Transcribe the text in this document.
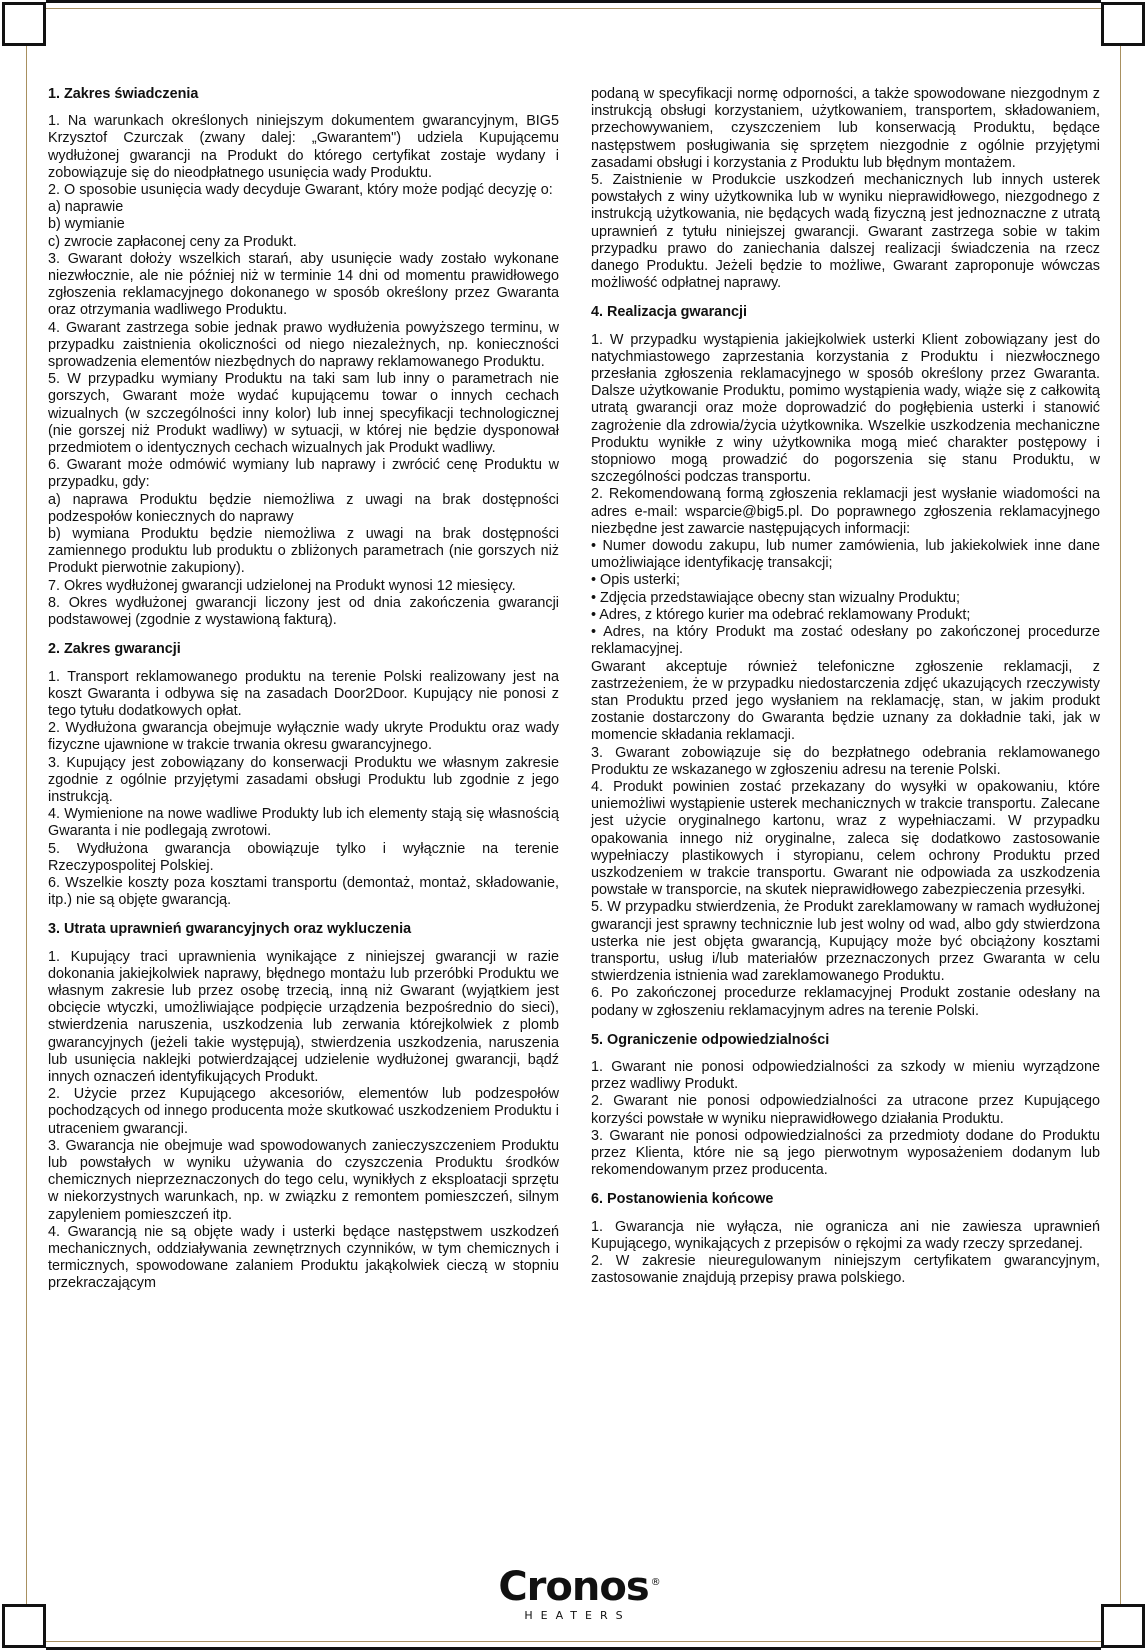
1. Zakres świadczenia

1. Na warunkach określonych niniejszym dokumentem gwarancyjnym, BIG5 Krzysztof Czurczak (zwany dalej: „Gwarantem") udziela Kupującemu wydłużonej gwarancji na Produkt do którego certyfikat zostaje wydany i zobowiązuje się do nieodpłatnego usunięcia wady Produktu.

2. O sposobie usunięcia wady decyduje Gwarant, który może podjąć decyzję o:

a) naprawie

b) wymianie

c) zwrocie zapłaconej ceny za Produkt.

3. Gwarant dołoży wszelkich starań, aby usunięcie wady zostało wykonane niezwłocznie, ale nie później niż w terminie 14 dni od momentu prawidłowego zgłoszenia reklamacyjnego dokonanego w sposób określony przez Gwaranta oraz otrzymania wadliwego Produktu.

4. Gwarant zastrzega sobie jednak prawo wydłużenia powyższego terminu, w przypadku zaistnienia okoliczności od niego niezależnych, np. konieczności sprowadzenia elementów niezbędnych do naprawy reklamowanego Produktu.

5. W przypadku wymiany Produktu na taki sam lub inny o parametrach nie gorszych, Gwarant może wydać kupującemu towar o innych cechach wizualnych (w szczególności inny kolor) lub innej specyfikacji technologicznej (nie gorszej niż Produkt wadliwy) w sytuacji, w której nie będzie dysponował przedmiotem o identycznych cechach wizualnych jak Produkt wadliwy.

6. Gwarant może odmówić wymiany lub naprawy i zwrócić cenę Produktu w przypadku, gdy:

a) naprawa Produktu będzie niemożliwa z uwagi na brak dostępności podzespołów koniecznych do naprawy

b) wymiana Produktu będzie niemożliwa z uwagi na brak dostępności zamiennego produktu lub produktu o zbliżonych parametrach (nie gorszych niż Produkt pierwotnie zakupiony).

7. Okres wydłużonej gwarancji udzielonej na Produkt wynosi 12 miesięcy.

8. Okres wydłużonej gwarancji liczony jest od dnia zakończenia gwarancji podstawowej (zgodnie z wystawioną fakturą).

2. Zakres gwarancji

1. Transport reklamowanego produktu na terenie Polski realizowany jest na koszt Gwaranta i odbywa się na zasadach Door2Door. Kupujący nie ponosi z tego tytułu dodatkowych opłat.

2. Wydłużona gwarancja obejmuje wyłącznie wady ukryte Produktu oraz wady fizyczne ujawnione w trakcie trwania okresu gwarancyjnego.

3. Kupujący jest zobowiązany do konserwacji Produktu we własnym zakresie zgodnie z ogólnie przyjętymi zasadami obsługi Produktu lub zgodnie z jego instrukcją.

4. Wymienione na nowe wadliwe Produkty lub ich elementy stają się własnością Gwaranta i nie podlegają zwrotowi.

5. Wydłużona gwarancja obowiązuje tylko i wyłącznie na terenie Rzeczypospolitej Polskiej.

6. Wszelkie koszty poza kosztami transportu (demontaż, montaż, składowanie, itp.) nie są objęte gwarancją.

3. Utrata uprawnień gwarancyjnych oraz wykluczenia

1. Kupujący traci uprawnienia wynikające z niniejszej gwarancji w razie dokonania jakiejkolwiek naprawy, błędnego montażu lub przeróbki Produktu we własnym zakresie lub przez osobę trzecią, inną niż Gwarant (wyjątkiem jest obcięcie wtyczki, umożliwiające podpięcie urządzenia bezpośrednio do sieci), stwierdzenia naruszenia, uszkodzenia lub zerwania którejkolwiek z plomb gwarancyjnych (jeżeli takie występują), stwierdzenia uszkodzenia, naruszenia lub usunięcia naklejki potwierdzającej udzielenie wydłużonej gwarancji, bądź innych oznaczeń identyfikujących Produkt.

2. Użycie przez Kupującego akcesoriów, elementów lub podzespołów pochodzących od innego producenta może skutkować uszkodzeniem Produktu i utraceniem gwarancji.

3. Gwarancja nie obejmuje wad spowodowanych zanieczyszczeniem Produktu lub powstałych w wyniku używania do czyszczenia Produktu środków chemicznych nieprzeznaczonych do tego celu, wynikłych z eksploatacji sprzętu w niekorzystnych warunkach, np. w związku z remontem pomieszczeń, silnym zapyleniem pomieszczeń itp.

4. Gwarancją nie są objęte wady i usterki będące następstwem uszkodzeń mechanicznych, oddziaływania zewnętrznych czynników, w tym chemicznych i termicznych, spowodowane zalaniem Produktu jakąkolwiek cieczą w stopniu przekraczającym

podaną w specyfikacji normę odporności, a także spowodowane niezgodnym z instrukcją obsługi korzystaniem, użytkowaniem, transportem, składowaniem, przechowywaniem, czyszczeniem lub konserwacją Produktu, będące następstwem posługiwania się sprzętem niezgodnie z ogólnie przyjętymi zasadami obsługi i korzystania z Produktu lub błędnym montażem.

5. Zaistnienie w Produkcie uszkodzeń mechanicznych lub innych usterek powstałych z winy użytkownika lub w wyniku nieprawidłowego, niezgodnego z instrukcją użytkowania, nie będących wadą fizyczną jest jednoznaczne z utratą uprawnień z tytułu niniejszej gwarancji. Gwarant zastrzega sobie w takim przypadku prawo do zaniechania dalszej realizacji świadczenia na rzecz danego Produktu. Jeżeli będzie to możliwe, Gwarant zaproponuje wówczas możliwość odpłatnej naprawy.

4. Realizacja gwarancji

1. W przypadku wystąpienia jakiejkolwiek usterki Klient zobowiązany jest do natychmiastowego zaprzestania korzystania z Produktu i niezwłocznego przesłania zgłoszenia reklamacyjnego w sposób określony przez Gwaranta. Dalsze użytkowanie Produktu, pomimo wystąpienia wady, wiąże się z całkowitą utratą gwarancji oraz może doprowadzić do pogłębienia usterki i stanowić zagrożenie dla zdrowia/życia użytkownika. Wszelkie uszkodzenia mechaniczne Produktu wynikłe z winy użytkownika mogą mieć charakter postępowy i stopniowo mogą prowadzić do pogorszenia się stanu Produktu, w szczególności podczas transportu.

2. Rekomendowaną formą zgłoszenia reklamacji jest wysłanie wiadomości na adres e-mail: wsparcie@big5.pl. Do poprawnego zgłoszenia reklamacyjnego niezbędne jest zawarcie następujących informacji:

• Numer dowodu zakupu, lub numer zamówienia, lub jakiekolwiek inne dane umożliwiające identyfikację transakcji;

• Opis usterki;

• Zdjęcia przedstawiające obecny stan wizualny Produktu;

• Adres, z którego kurier ma odebrać reklamowany Produkt;

• Adres, na który Produkt ma zostać odesłany po zakończonej procedurze reklamacyjnej.

Gwarant akceptuje również telefoniczne zgłoszenie reklamacji, z zastrzeżeniem, że w przypadku niedostarczenia zdjęć ukazujących rzeczywisty stan Produktu przed jego wysłaniem na reklamację, stan, w jakim produkt zostanie dostarczony do Gwaranta będzie uznany za dokładnie taki, jak w momencie składania reklamacji.

3. Gwarant zobowiązuje się do bezpłatnego odebrania reklamowanego Produktu ze wskazanego w zgłoszeniu adresu na terenie Polski.

4. Produkt powinien zostać przekazany do wysyłki w opakowaniu, które uniemożliwi wystąpienie usterek mechanicznych w trakcie transportu. Zalecane jest użycie oryginalnego kartonu, wraz z wypełniaczami. W przypadku opakowania innego niż oryginalne, zaleca się dodatkowo zastosowanie wypełniaczy plastikowych i styropianu, celem ochrony Produktu przed uszkodzeniem w trakcie transportu. Gwarant nie odpowiada za uszkodzenia powstałe w transporcie, na skutek nieprawidłowego zabezpieczenia przesyłki.

5. W przypadku stwierdzenia, że Produkt zareklamowany w ramach wydłużonej gwarancji jest sprawny technicznie lub jest wolny od wad, albo gdy stwierdzona usterka nie jest objęta gwarancją, Kupujący może być obciążony kosztami transportu, usług i/lub materiałów przeznaczonych przez Gwaranta w celu stwierdzenia istnienia wad zareklamowanego Produktu.

6. Po zakończonej procedurze reklamacyjnej Produkt zostanie odesłany na podany w zgłoszeniu reklamacyjnym adres na terenie Polski.

5. Ograniczenie odpowiedzialności

1. Gwarant nie ponosi odpowiedzialności za szkody w mieniu wyrządzone przez wadliwy Produkt.

2. Gwarant nie ponosi odpowiedzialności za utracone przez Kupującego korzyści powstałe w wyniku nieprawidłowego działania Produktu.

3. Gwarant nie ponosi odpowiedzialności za przedmioty dodane do Produktu przez Klienta, które nie są jego pierwotnym wyposażeniem dodanym lub rekomendowanym przez producenta.

6. Postanowienia końcowe

1. Gwarancja nie wyłącza, nie ogranicza ani nie zawiesza uprawnień Kupującego, wynikających z przepisów o rękojmi za wady rzeczy sprzedanej.

2. W zakresie nieuregulowanym niniejszym certyfikatem gwarancyjnym, zastosowanie znajdują przepisy prawa polskiego.

Cronos ®
HEATERS
